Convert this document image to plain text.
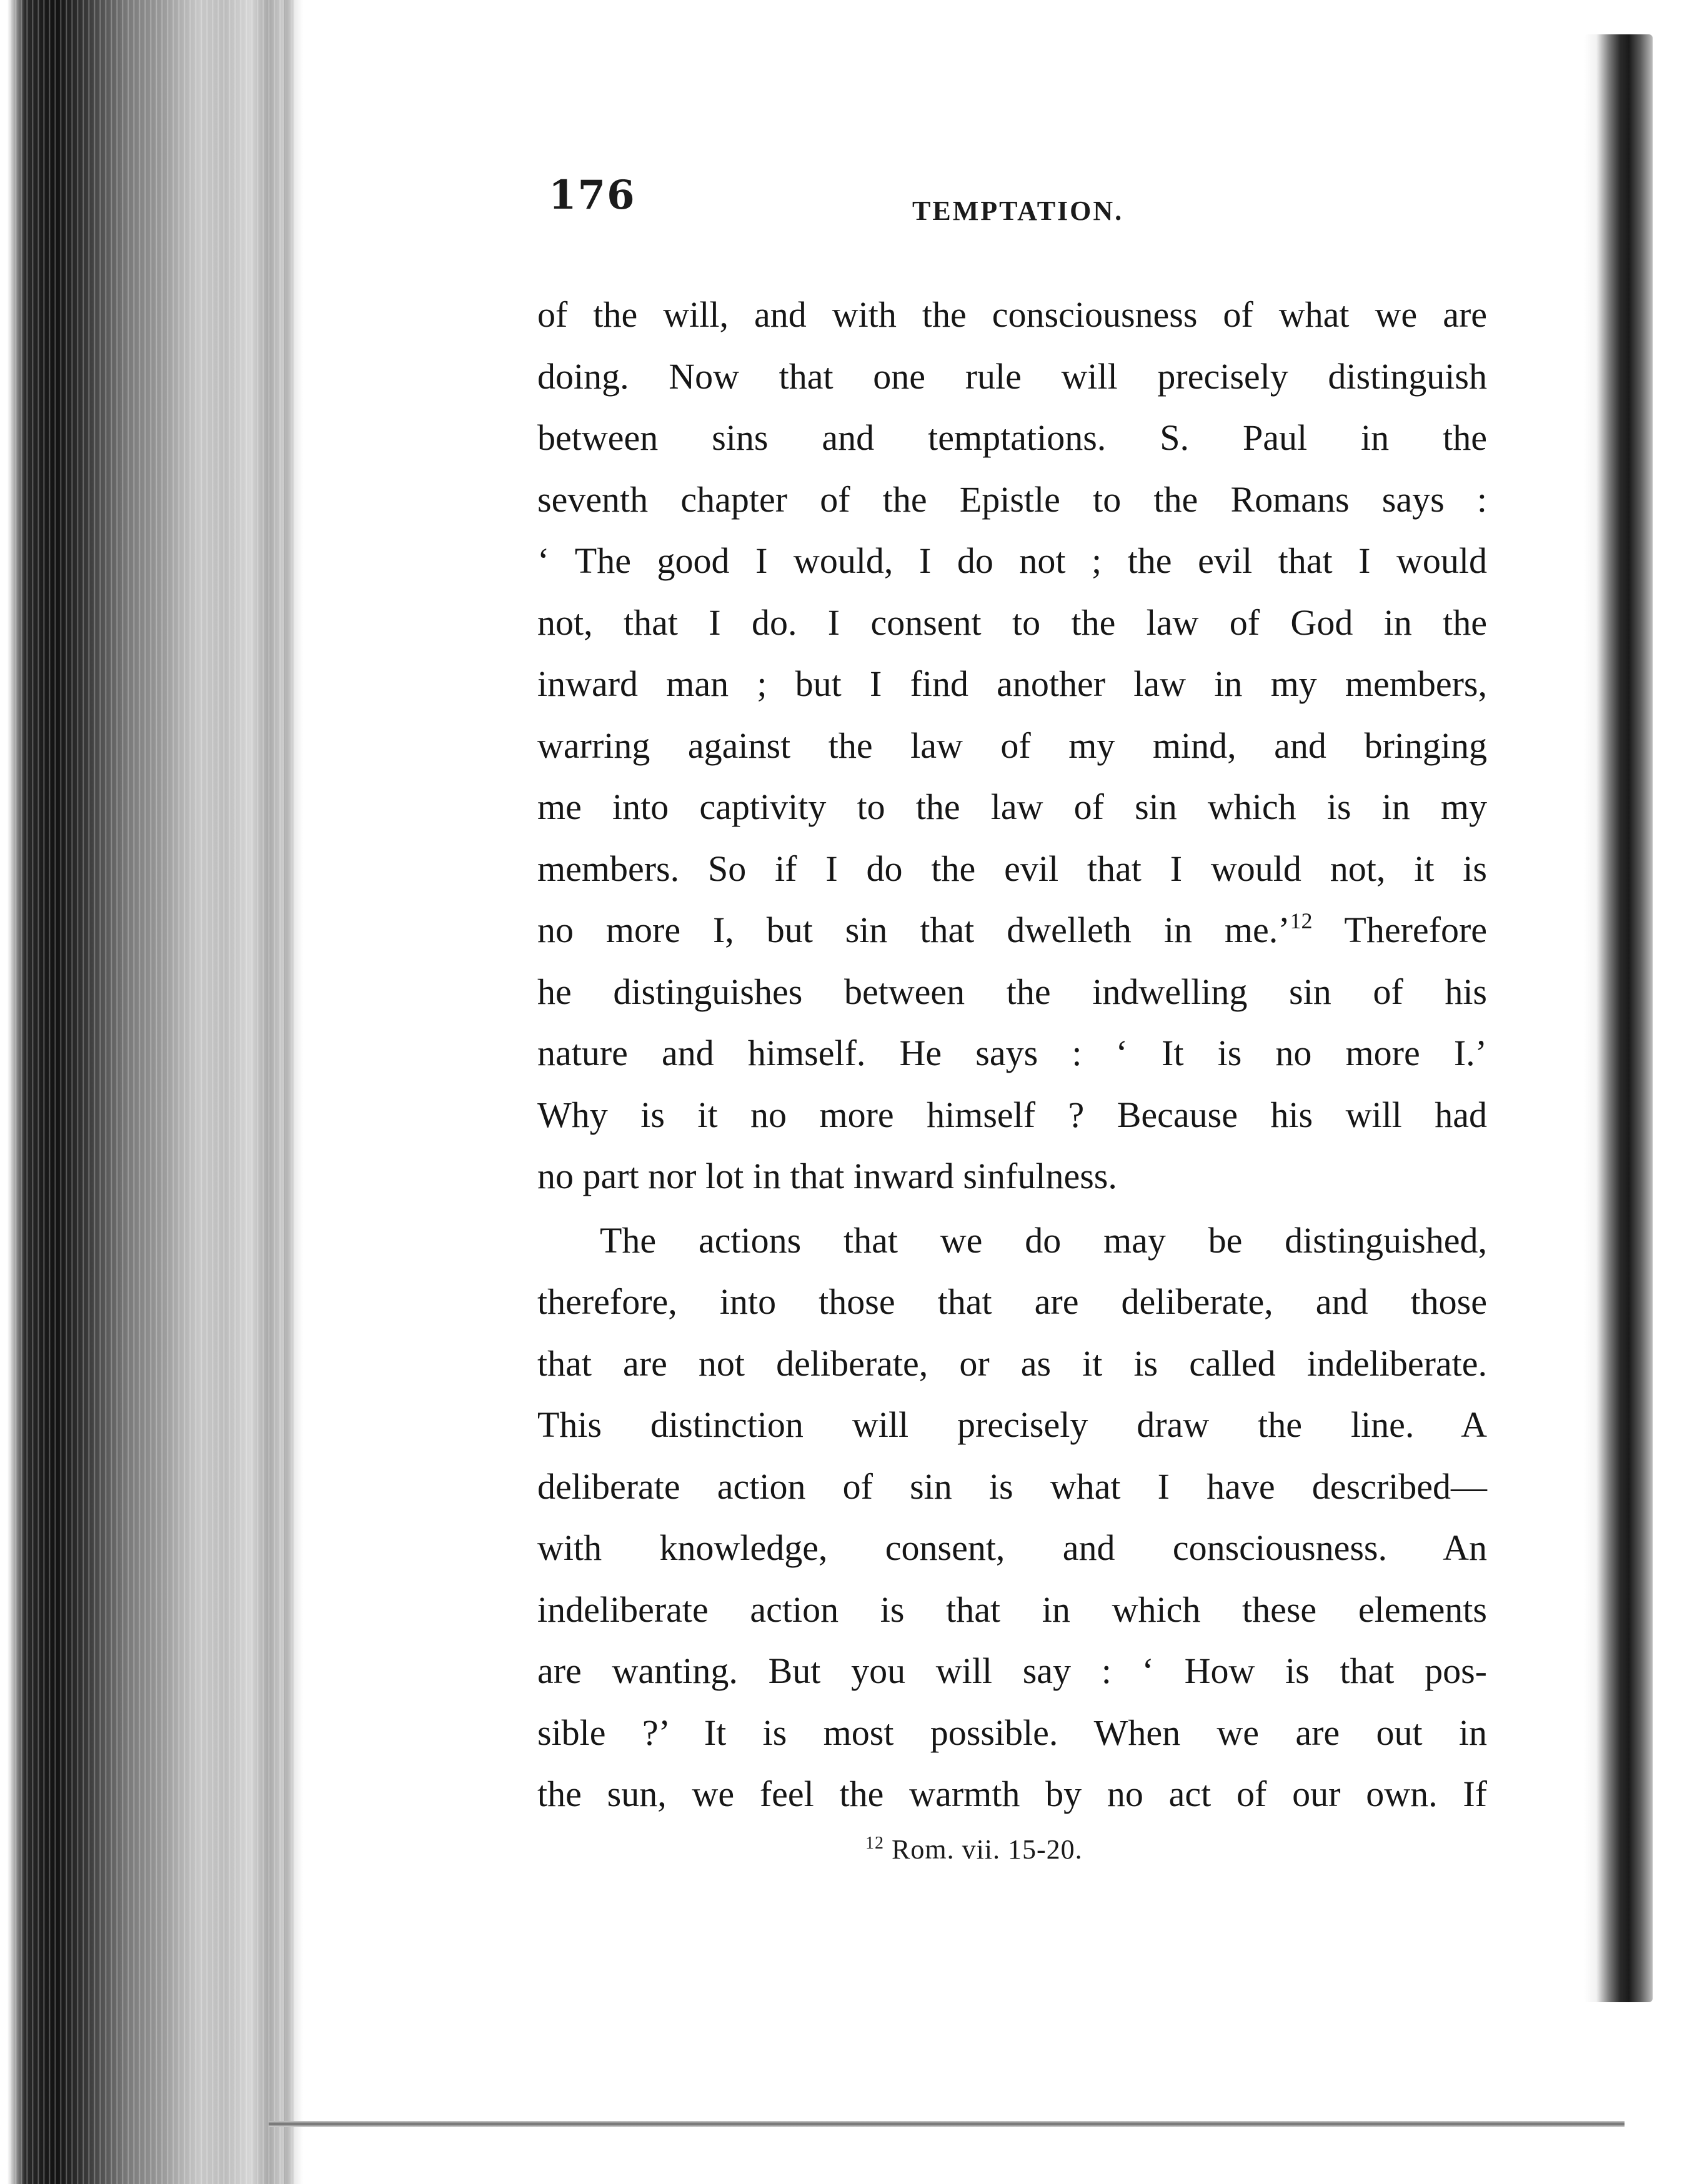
176	TEMPTATION.
of the will, and with the consciousness of what we are
doing. Now that one rule will precisely distinguish
between sins and temptations. S. Paul in the
seventh chapter of the Epistle to the Romans says :
‘ The good I would, I do not ; the evil that I would
not, that I do. I consent to the law of God in the
inward man ; but I find another law in my members,
warring against the law of my mind, and bringing
me into captivity to the law of sin which is in my
members. So if I do the evil that I would not, it is
no more I, but sin that dwelleth in me.’$^{12}$ Therefore
he distinguishes between the indwelling sin of his
nature and himself. He says : ‘ It is no more I.’
Why is it no more himself ? Because his will had
no part nor lot in that inward sinfulness.
The actions that we do may be distinguished,
therefore, into those that are deliberate, and those
that are not deliberate, or as it is called indeliberate.
This distinction will precisely draw the line. A
deliberate action of sin is what I have described—
with knowledge, consent, and consciousness. An
indeliberate action is that in which these elements
are wanting. But you will say : ‘ How is that pos-
sible ?’ It is most possible. When we are out in
the sun, we feel the warmth by no act of our own. If
$^{12}$ Rom. vii. 15-20.
